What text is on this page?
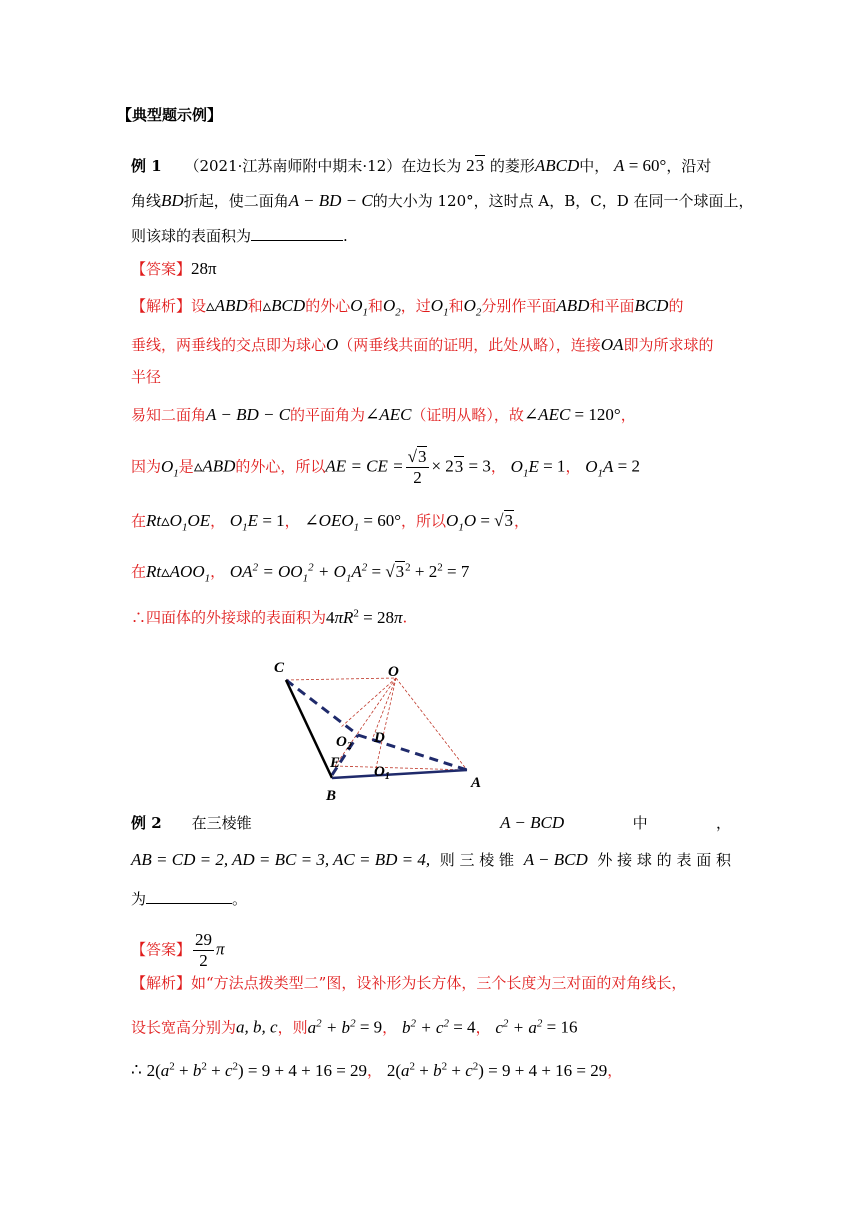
【典型题示例】
例 1 （2021·江苏南师附中期末·12）在边长为 23 的菱形ABCD中， A = 60°，沿对
角线BD折起，使二面角A − BD − C的大小为 120°，这时点 A，B，C，D 在同一个球面上，
则该球的表面积为	.
【答案】28π
【解析】设▵ABD和▵BCD的外心$O_1$和$O_2$，过$O_1$和$O_2$分别作平面ABD和平面BCD的
垂线，两垂线的交点即为球心O（两垂线共面的证明，此处从略），连接OA即为所求球的
半径
易知二面角A − BD − C的平面角为∠AEC（证明从略），故∠AEC = 120°，
因为$O_1$是▵ABD的外心，所以AE = CE = $\frac{√3}{2} \times 23 = 3$， $O_1E = 1$， $O_1A = 2$
在$Rt▵O_1OE$， $O_1E = 1$， $\angle OEO_1 = 60^\circ$，所以$O_1O = √3$，
在$Rt▵AOO_1$， $OA^2 = OO_1^2 + O_1A^2 = √3^2 + 2^2 = 7$
∴四面体的外接球的表面积为$4\pi R^2 = 28\pi$.
C	O
$O_2$
D
E
$O_1$	A
B
例 2 在三棱锥	A − BCD	中	，
AB = CD = 2, AD = BC = 3, AC = BD = 4, 则 三 棱 锥 A − BCD 外 接 球 的 表 面 积
为	。
【答案】 $\frac{29}{2}$ π
【解析】如“方法点拨类型二”图，设补形为长方体，三个长度为三对面的对角线长，
设长宽高分别为a, b, c，则$a^2 + b^2 = 9$， $b^2 + c^2 = 4$， $c^2 + a^2 = 16$
∴ $2(a^2 + b^2 + c^2) = 9 + 4 + 16 = 29$， $2(a^2 + b^2 + c^2) = 9 + 4 + 16 = 29$，
